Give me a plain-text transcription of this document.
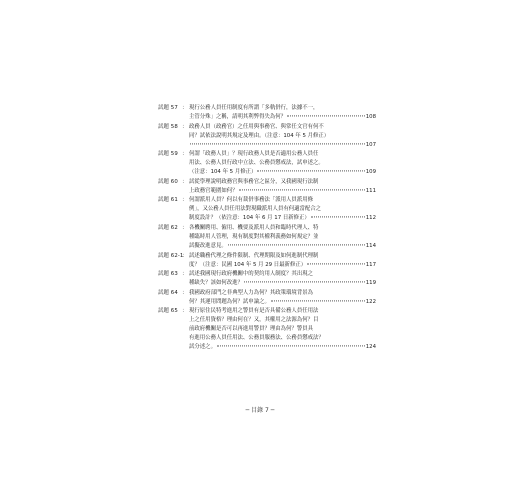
試題 57 ： 現行公務人員任用制度有所謂「多軌併行，法據不一，
主管分殊」之稱，請明其利弊得失為何？	108
試題 58 ： 政務人員（政務官）之任用與事務官、與常任文官有何不
同？試依法說明其規定及理由。（注意：104 年 5 月修正）
107
試題 59 ： 何謂「政務人員」？現行政務人員是否適用公務人員任
用法、公務人員行政中立法、公務員懲戒法，試申述之。
（注意：104 年 5 月修正）	109
試題 60 ： 試從學理說明政務官與事務官之區分，又我國現行法制
上政務官範圍如何？	111
試題 61 ： 何謂派用人員？何以有裁併事務法「派用人員派用條
例」，又公務人員任用法對現職派用人員有何適當配合之
制度設計？（依注意：104 年 6 月 17 日新修正）	112
試題 62 ： 各機關聘用、僱用、機要及派用人員和臨時代理人、特
種臨時用人管理，現有制度對其權利義務如何規定？並
試擬改進意見。	114
試題 62-1
： 試述職務代理之條件限制、代理期限及如何進制代理制
度？（注意：民國 104 年 5 月 29 日最新修正）	117
試題 63 ： 試述我國現行政府機關中的契約用人制度？其出現之
種缺失？該如何改進？	119
試題 64 ： 我國政府部門之非典型人力為何？其政策環境背景為
何？其運用問題為何？試申論之。	122
試題 65 ： 現行原住民特考進用之警員有是否具備公務人員任用法
上之任用資格？理由何在？又，其權用之法源為何？目
前政府機關是否可以再進用警員？理由為何？警員具
有進用公務人員任用法、公務員服務法、公務員懲戒法？
試分述之。	124
─ 目錄 7 ─
